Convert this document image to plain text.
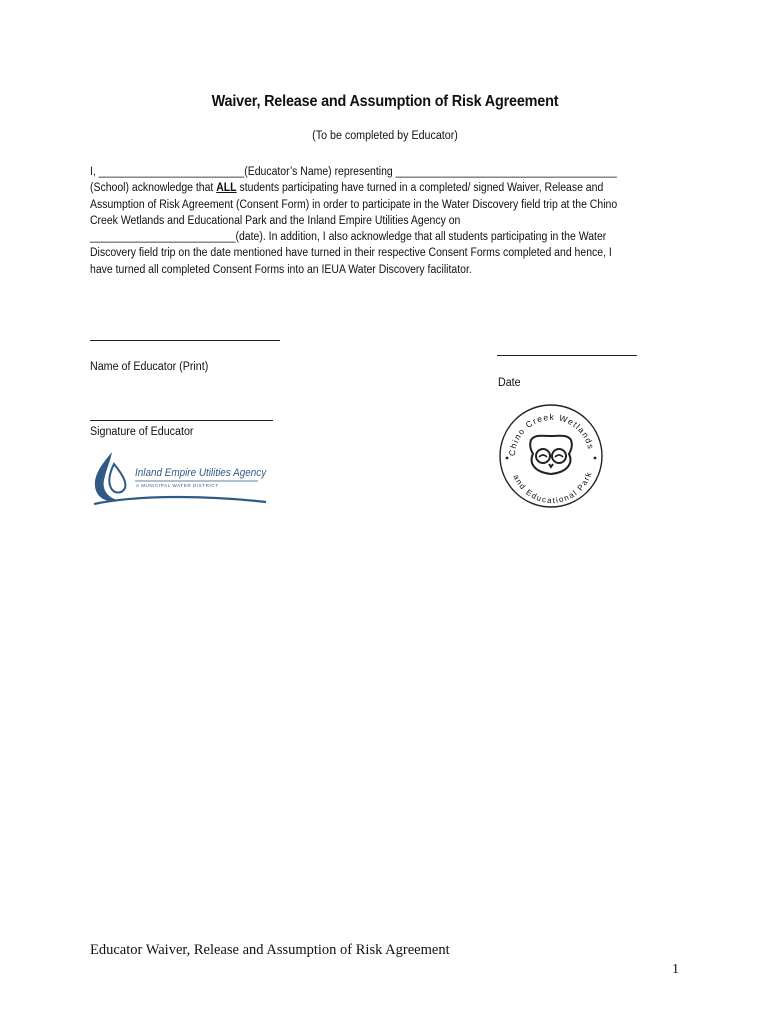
Waiver, Release and Assumption of Risk Agreement
(To be completed by Educator)
I, _________________________(Educator’s Name) representing ______________________________________
(School) acknowledge that ALL students participating have turned in a completed/ signed Waiver, Release and
Assumption of Risk Agreement (Consent Form) in order to participate in the Water Discovery field trip at the Chino
Creek Wetlands and Educational Park and the Inland Empire Utilities Agency on
_________________________(date). In addition, I also acknowledge that all students participating in the Water
Discovery field trip on the date mentioned have turned in their respective Consent Forms completed and hence, I
have turned all completed Consent Forms into an IEUA Water Discovery facilitator.
Name of Educator (Print)
Date
Signature of Educator
Inland Empire Utilities Agency
A MUNICIPAL WATER DISTRICT
Chino Creek Wetlands
and Educational Park
Educator Waiver, Release and Assumption of Risk Agreement
1
